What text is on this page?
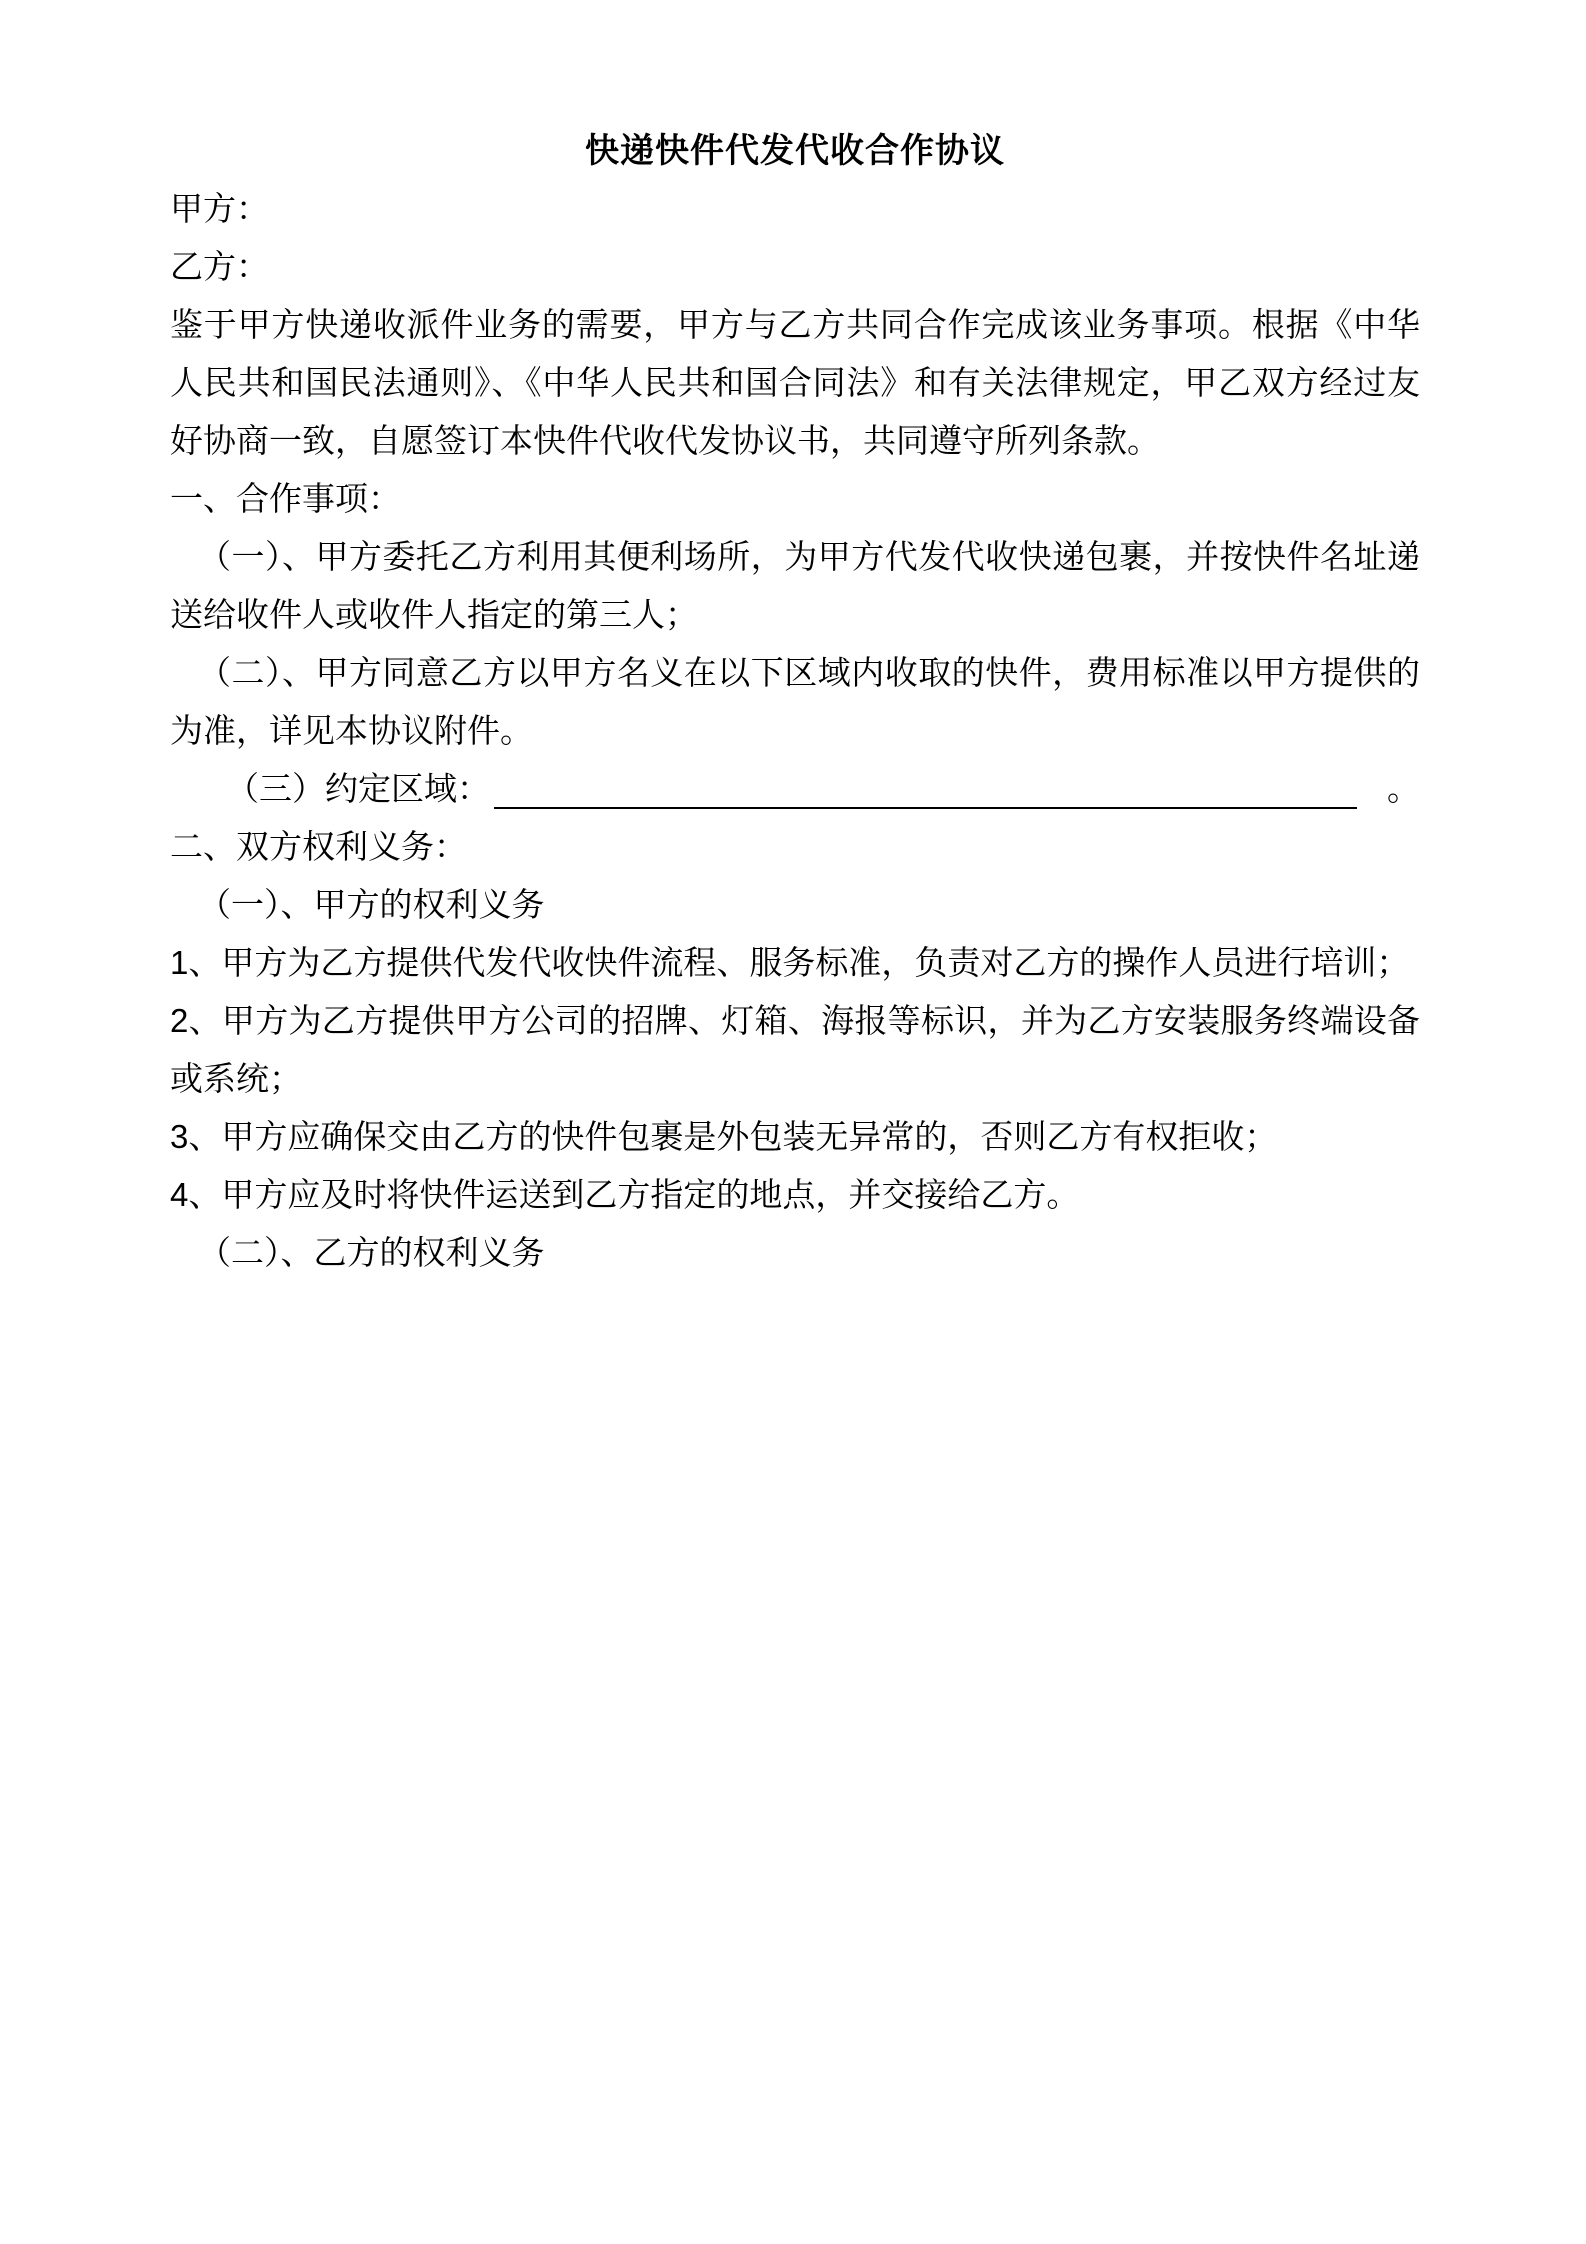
快递快件代发代收合作协议
甲方：
乙方：
鉴于甲方快递收派件业务的需要，甲方与乙方共同合作完成该业务事项。根据《中华人民共和国民法通则》、《中华人民共和国合同法》和有关法律规定，甲乙双方经过友好协商一致，自愿签订本快件代收代发协议书，共同遵守所列条款。
一、合作事项：
（一）、甲方委托乙方利用其便利场所，为甲方代发代收快递包裹，并按快件名址递送给收件人或收件人指定的第三人；
（二）、甲方同意乙方以甲方名义在以下区域内收取的快件，费用标准以甲方提供的为准，详见本协议附件。
（三）约定区域：	。
二、双方权利义务：
（一）、甲方的权利义务
1、甲方为乙方提供代发代收快件流程、服务标准，负责对乙方的操作人员进行培训；
2、甲方为乙方提供甲方公司的招牌、灯箱、海报等标识，并为乙方安装服务终端设备或系统；
3、甲方应确保交由乙方的快件包裹是外包装无异常的，否则乙方有权拒收；
4、甲方应及时将快件运送到乙方指定的地点，并交接给乙方。
（二）、乙方的权利义务
